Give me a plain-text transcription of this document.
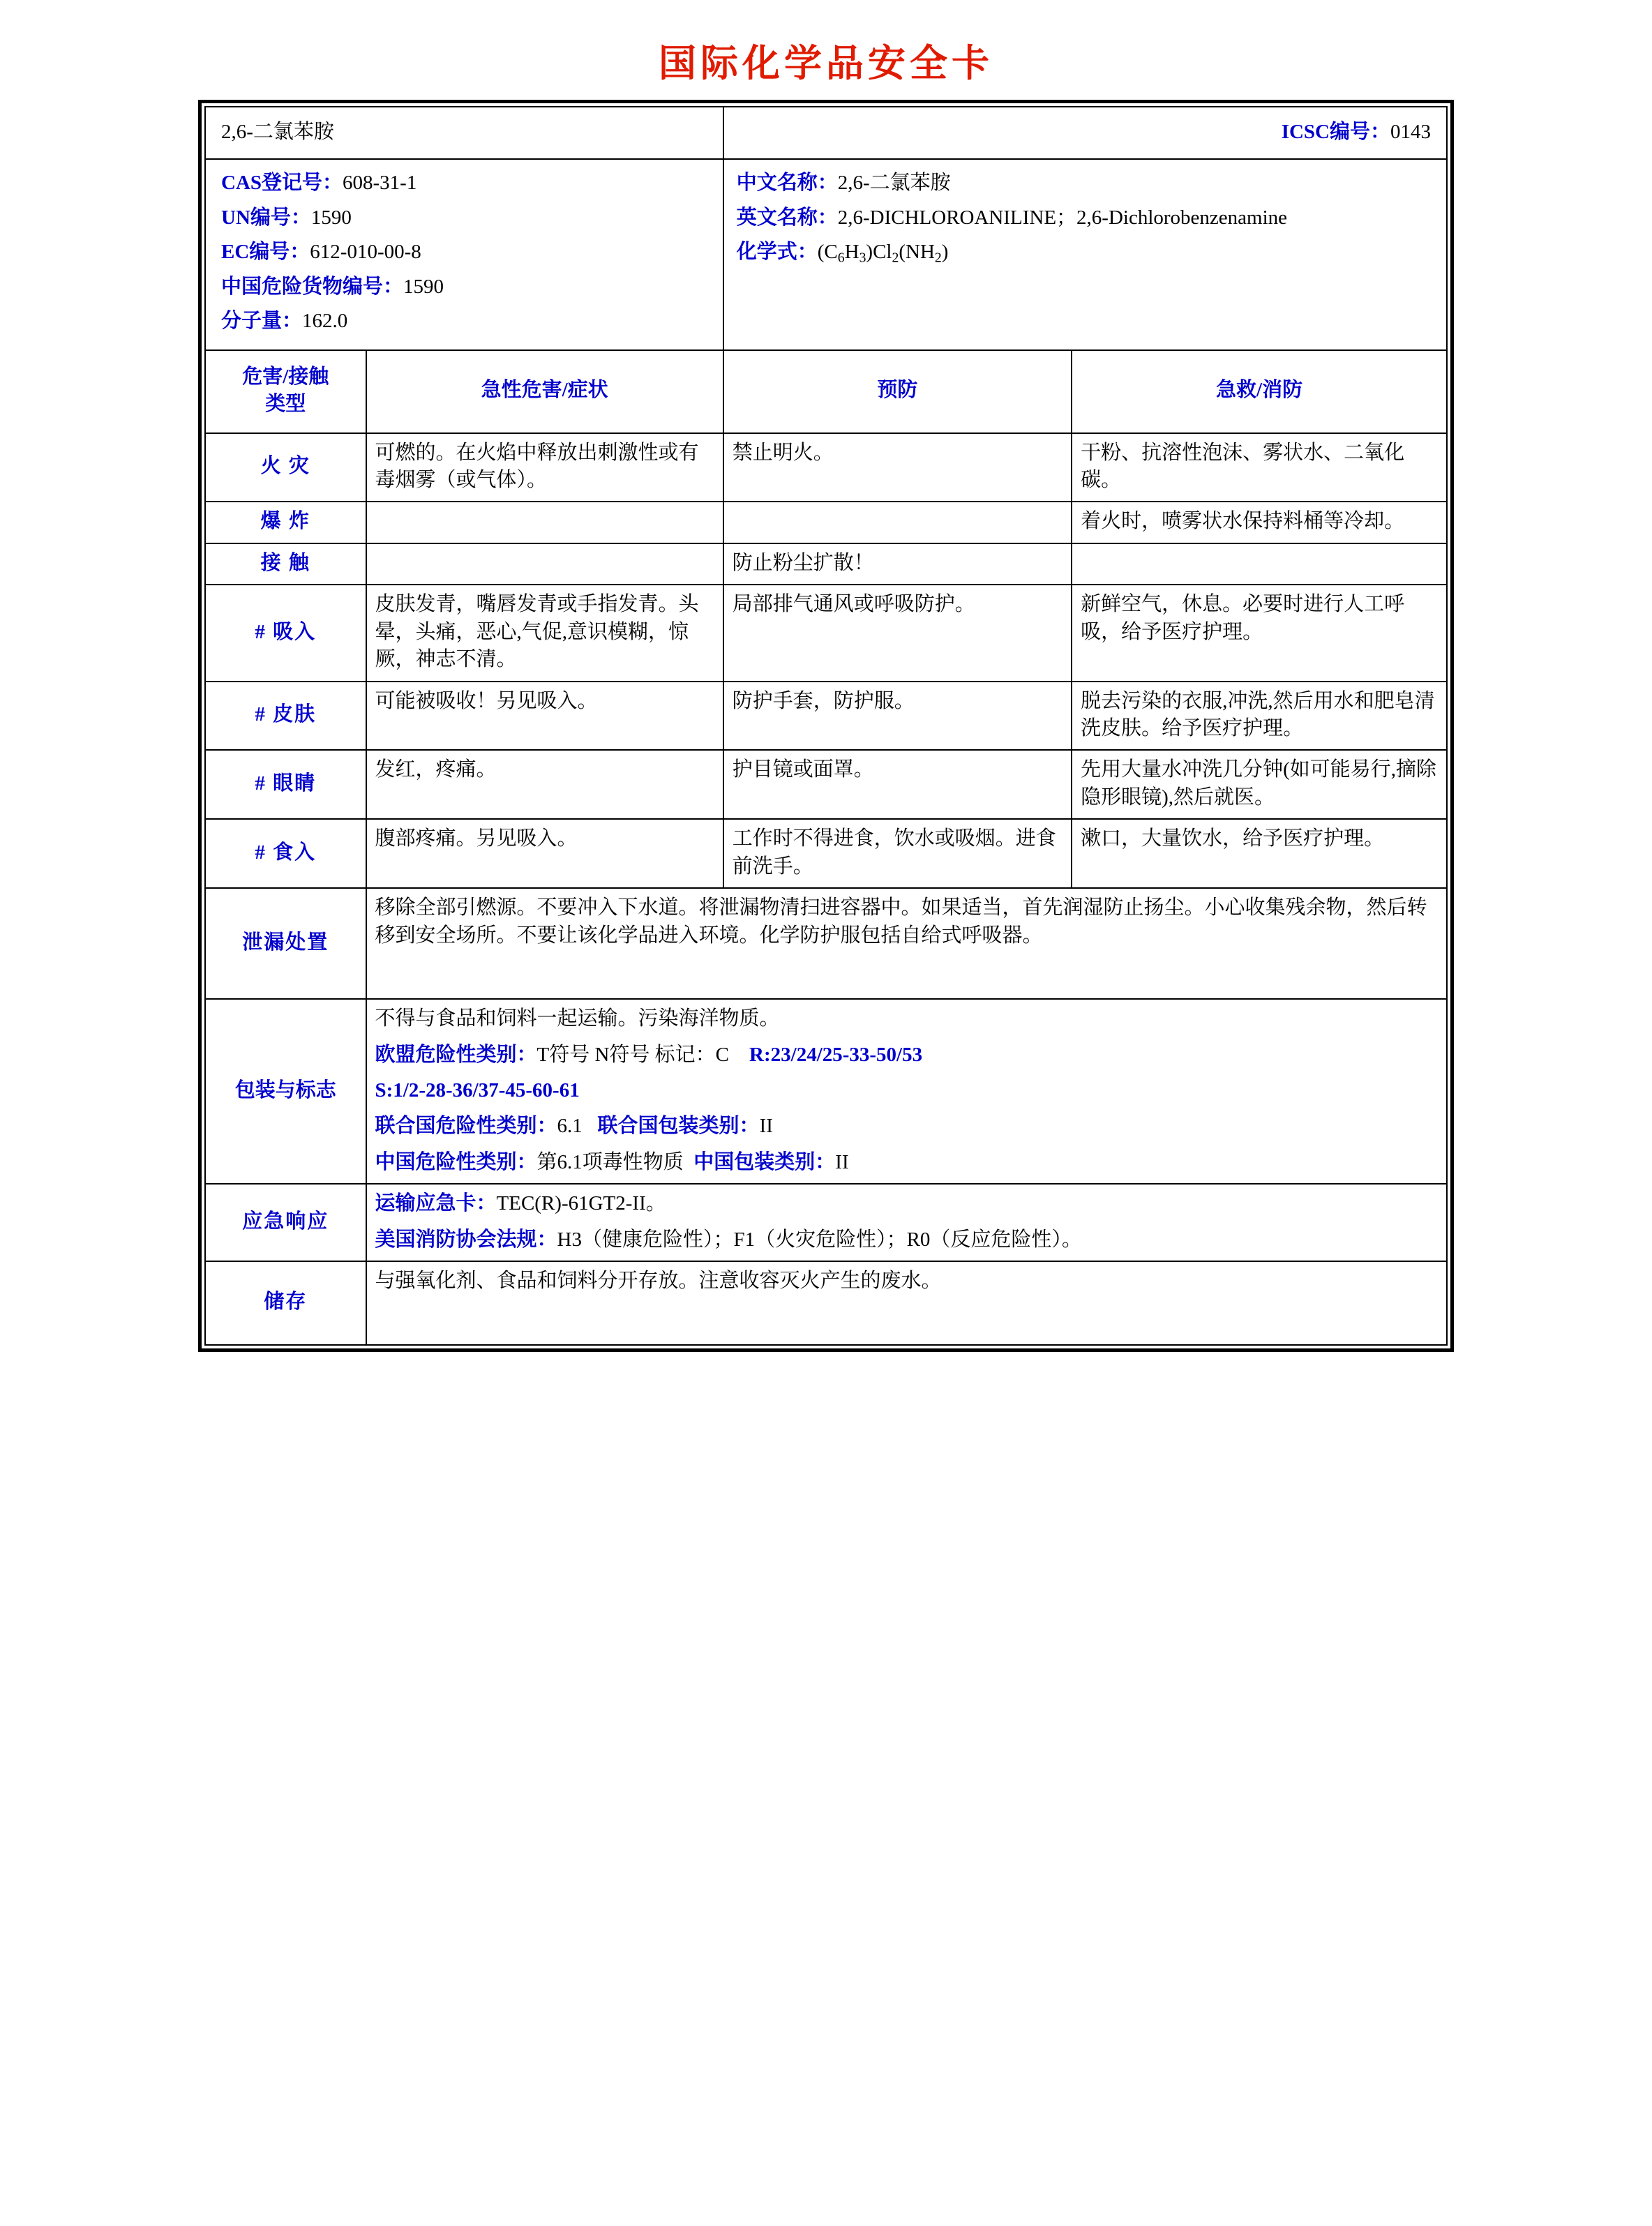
国际化学品安全卡
2,6-二氯苯胺		ICSC编号：0143	

CAS登记号：608-31-1
UN编号：1590
EC编号：612-010-00-8
中国危险货物编号：1590
分子量：162.0

中文名称：2,6-二氯苯胺
英文名称：2,6-DICHLOROANILINE；2,6-Dichlorobenzenamine
化学式：$(C_6H_3)Cl_2(NH_2)$

危害/接触
类型	急性危害/症状	预防	急救/消防
火 灾	可燃的。在火焰中释放出刺激性或有毒烟雾（或气体）。	禁止明火。	干粉、抗溶性泡沫、雾状水、二氧化碳。
爆 炸			着火时，喷雾状水保持料桶等冷却。
接 触		防止粉尘扩散！	
# 吸入	皮肤发青，嘴唇发青或手指发青。头晕，头痛，恶心,气促,意识模糊，惊厥，神志不清。	局部排气通风或呼吸防护。	新鲜空气，休息。必要时进行人工呼吸，给予医疗护理。
# 皮肤	可能被吸收！另见吸入。	防护手套，防护服。	脱去污染的衣服,冲洗,然后用水和肥皂清洗皮肤。给予医疗护理。
# 眼睛	发红，疼痛。	护目镜或面罩。	先用大量水冲洗几分钟(如可能易行,摘除隐形眼镜),然后就医。
# 食入	腹部疼痛。另见吸入。	工作时不得进食，饮水或吸烟。进食前洗手。	漱口，大量饮水，给予医疗护理。
泄漏处置	移除全部引燃源。不要冲入下水道。将泄漏物清扫进容器中。如果适当，首先润湿防止扬尘。小心收集残余物，然后转移到安全场所。不要让该化学品进入环境。化学防护服包括自给式呼吸器。		
包装与标志	不得与食品和饲料一起运输。污染海洋物质。
欧盟危险性类别：T符号 N符号 标记：C R:23/24/25-33-50/53
S:1/2-28-36/37-45-60-61
联合国危险性类别：6.1 联合国包装类别：II
中国危险性类别：第6.1项毒性物质 中国包装类别：II		

应急响应	运输应急卡：TEC(R)-61GT2-II。
美国消防协会法规：H3（健康危险性）；F1（火灾危险性）；R0（反应危险性）。		

储存	与强氧化剂、食品和饲料分开存放。注意收容灭火产生的废水。		
